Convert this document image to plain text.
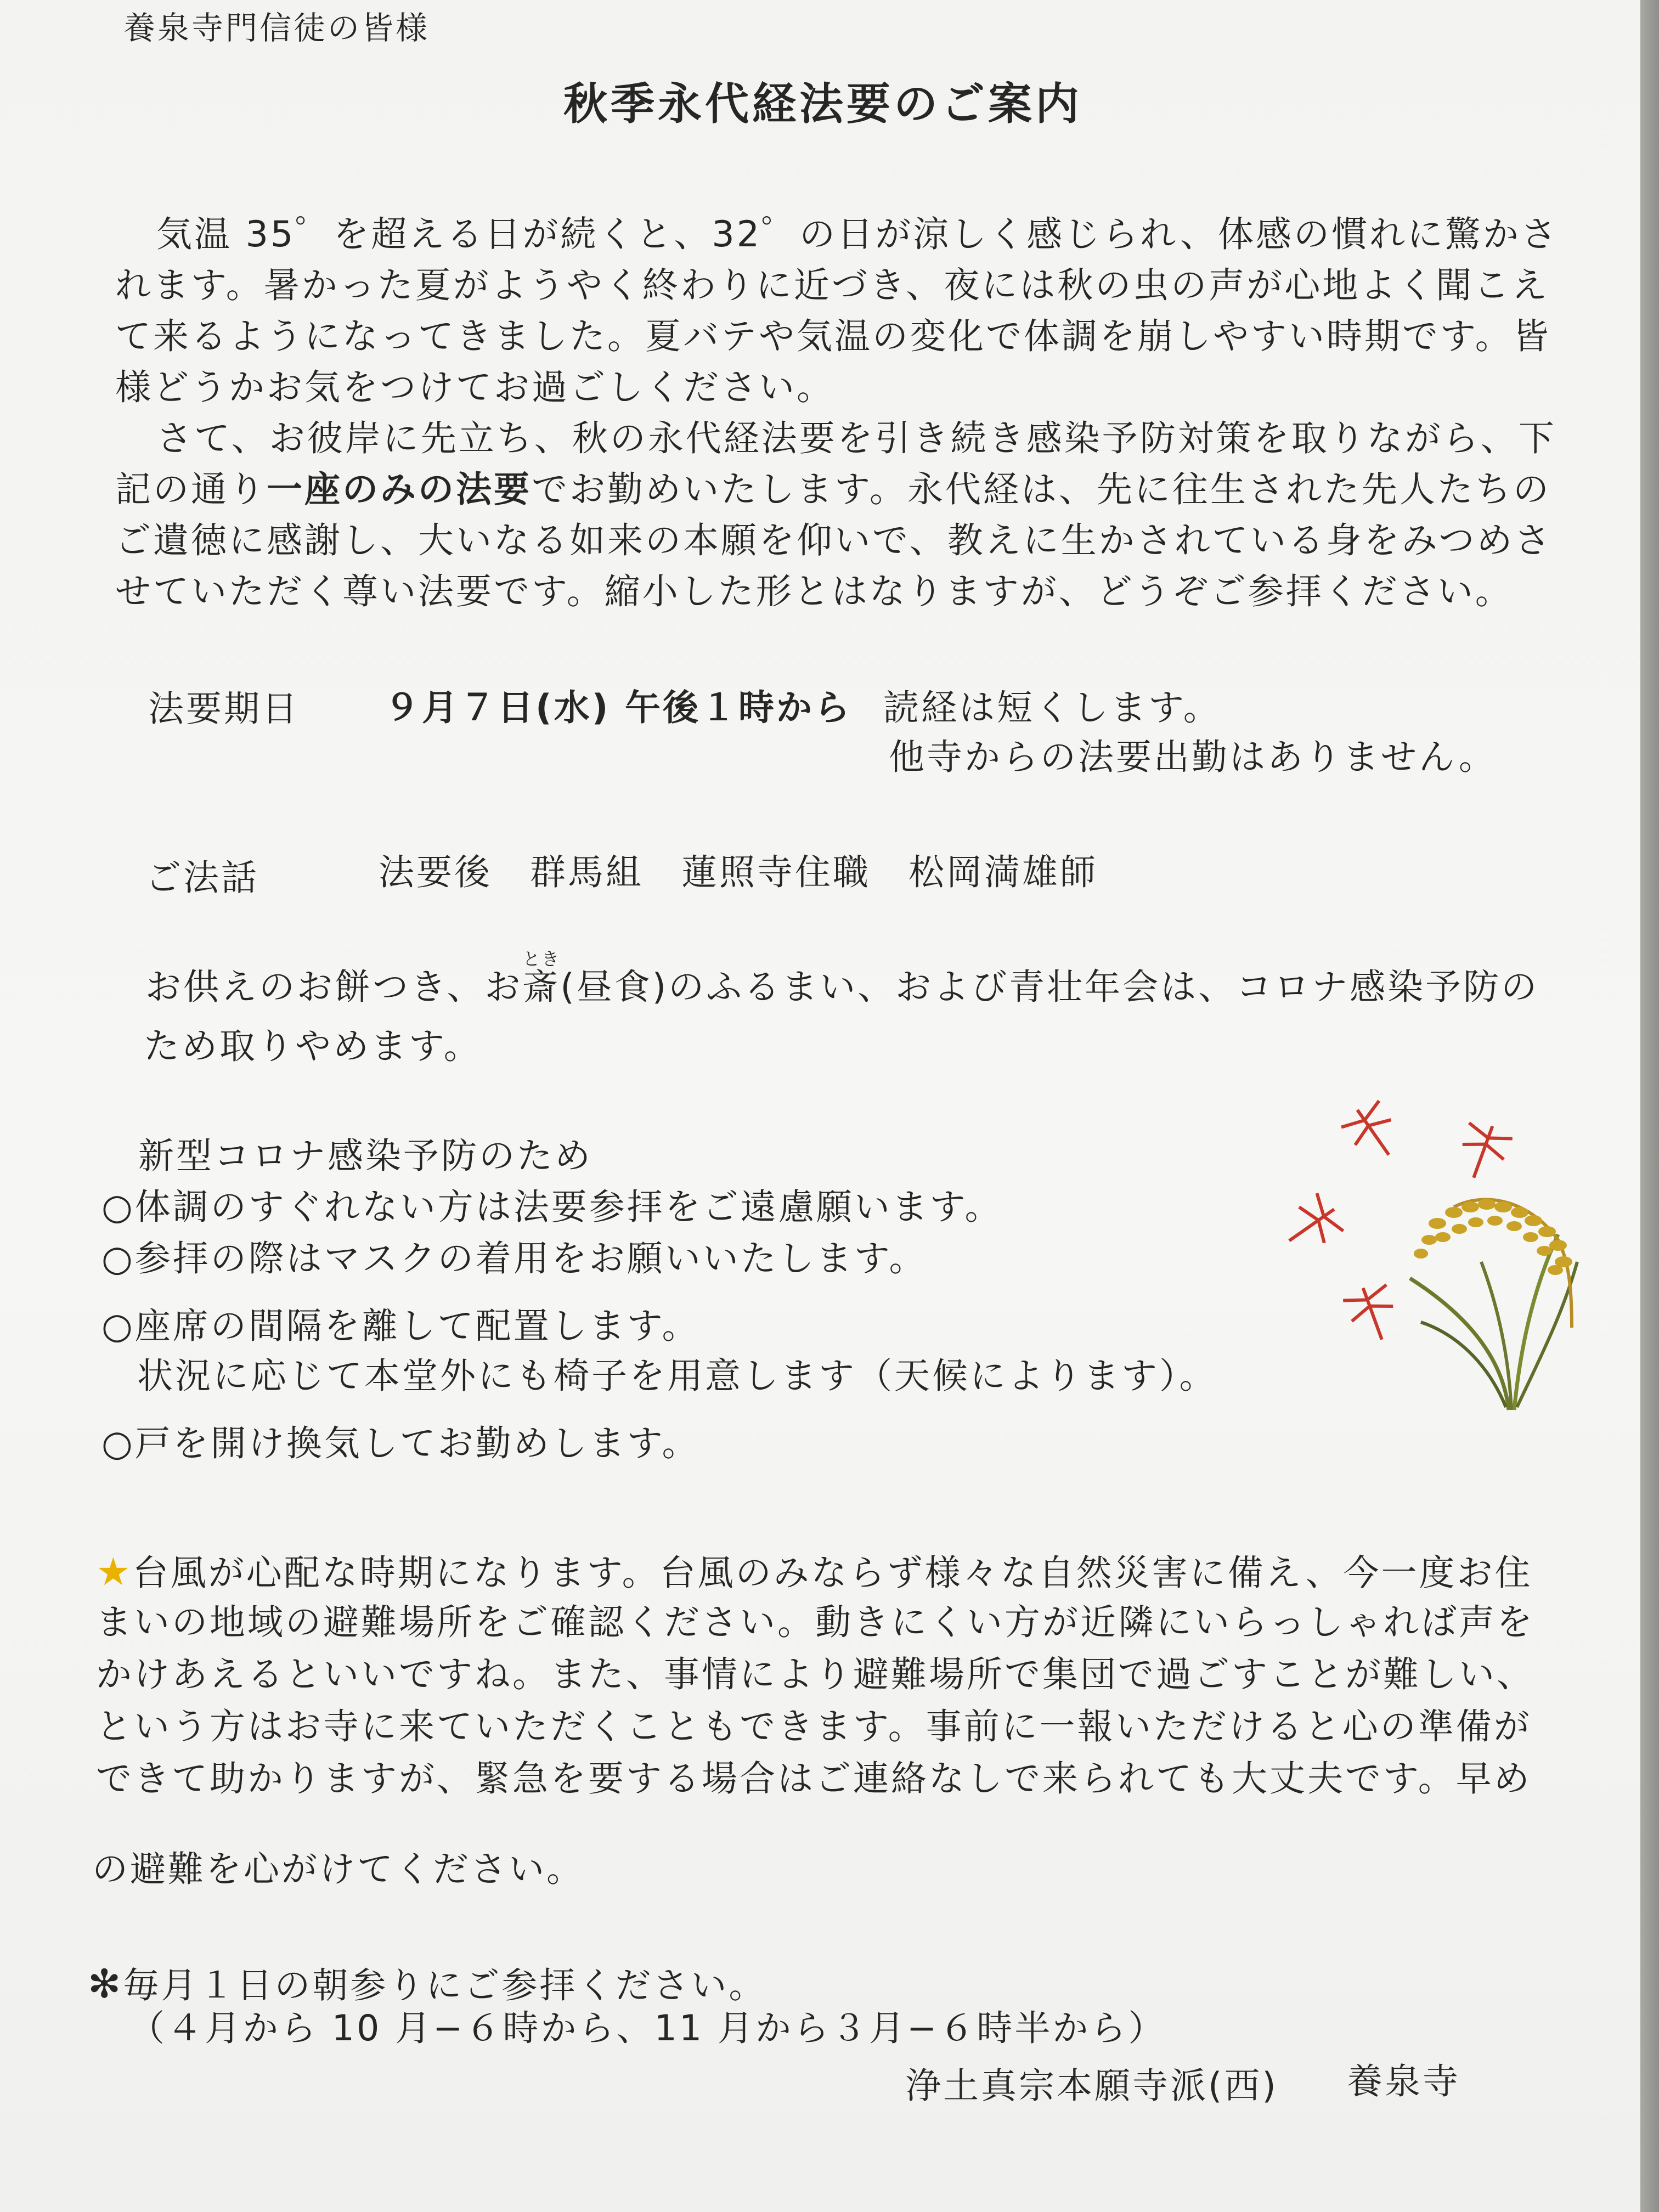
養泉寺門信徒の皆様
秋季永代経法要のご案内
気温 35゜を超える日が続くと、32゜の日が涼しく感じられ、体感の慣れに驚かさ
れます。暑かった夏がようやく終わりに近づき、夜には秋の虫の声が心地よく聞こえ
て来るようになってきました。夏バテや気温の変化で体調を崩しやすい時期です。皆
様どうかお気をつけてお過ごしください。
さて、お彼岸に先立ち、秋の永代経法要を引き続き感染予防対策を取りながら、下
記の通り一座のみの法要でお勤めいたします。永代経は、先に往生された先人たちの
ご遺徳に感謝し、大いなる如来の本願を仰いで、教えに生かされている身をみつめさ
せていただく尊い法要です。縮小した形とはなりますが、どうぞご参拝ください。
法要期日 ９月７日(水) 午後１時から 読経は短くします。
他寺からの法要出勤はありません。
ご法話	法要後　群馬組　蓮照寺住職　松岡満雄師
お供えのお餅つき、お斎とき(昼食)のふるまい、および青壮年会は、コロナ感染予防の
ため取りやめます。
新型コロナ感染予防のため
○体調のすぐれない方は法要参拝をご遠慮願います。
○参拝の際はマスクの着用をお願いいたします。
○座席の間隔を離して配置します。
状況に応じて本堂外にも椅子を用意します（天候によります）。
○戸を開け換気してお勤めします。
★台風が心配な時期になります。台風のみならず様々な自然災害に備え、今一度お住
まいの地域の避難場所をご確認ください。動きにくい方が近隣にいらっしゃれば声を
かけあえるといいですね。また、事情により避難場所で集団で過ごすことが難しい、
という方はお寺に来ていただくこともできます。事前に一報いただけると心の準備が
できて助かりますが、緊急を要する場合はご連絡なしで来られても大丈夫です。早め
の避難を心がけてください。
✻毎月１日の朝参りにご参拝ください。
（４月から 10 月−６時から、11 月から３月−６時半から）
浄土真宗本願寺派(西) 養泉寺
